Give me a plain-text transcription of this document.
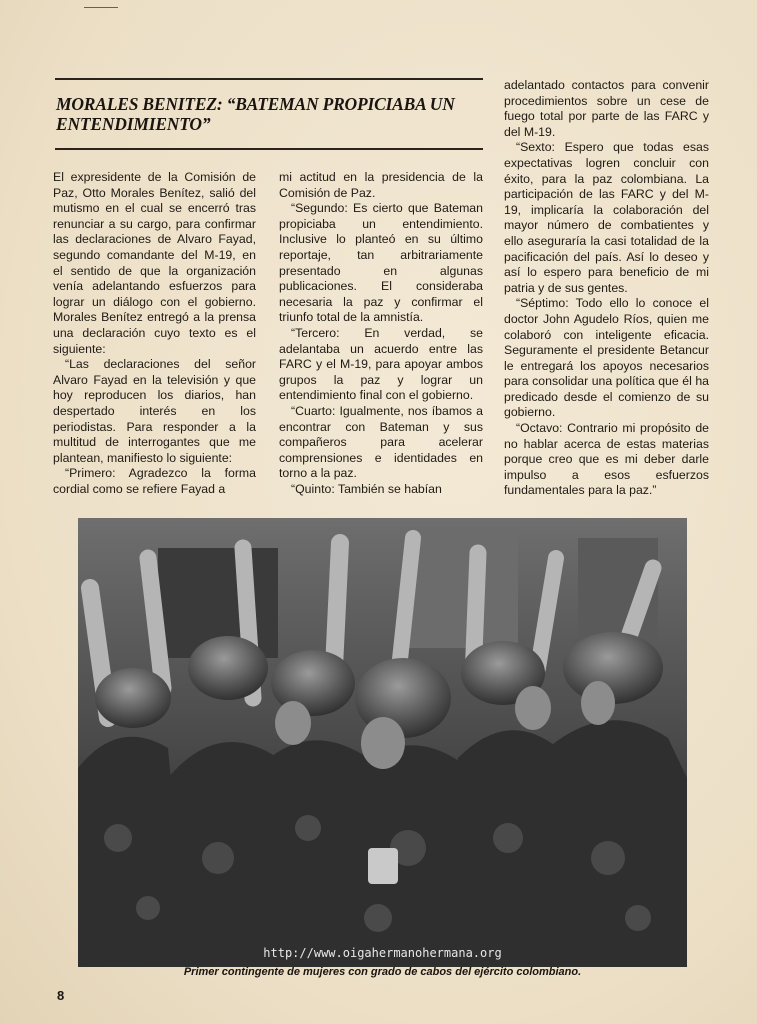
MORALES BENITEZ: “BATEMAN PROPICIABA UN ENTENDIMIENTO”

El expresidente de la Comisión de Paz, Otto Morales Benítez, salió del mutismo en el cual se encerró tras renunciar a su cargo, para confirmar las declaraciones de Alvaro Fayad, segundo comandante del M-19, en el sentido de que la organización venía adelantando esfuerzos para lograr un diálogo con el gobierno. Morales Benítez entregó a la prensa una declaración cuyo texto es el siguiente:

“Las declaraciones del señor Alvaro Fayad en la televisión y que hoy reproducen los diarios, han despertado interés en los periodistas. Para responder a la multitud de interrogantes que me plantean, manifiesto lo siguiente:

“Primero: Agradezco la forma cordial como se refiere Fayad a

mi actitud en la presidencia de la Comisión de Paz.

“Segundo: Es cierto que Bateman propiciaba un entendimiento. Inclusive lo planteó en su último reportaje, tan arbitrariamente presentado en algunas publicaciones. El consideraba necesaria la paz y confirmar el triunfo total de la amnistía.

“Tercero: En verdad, se adelantaba un acuerdo entre las FARC y el M-19, para apoyar ambos grupos la paz y lograr un entendimiento final con el gobierno.

“Cuarto: Igualmente, nos íbamos a encontrar con Bateman y sus compañeros para acelerar comprensiones e identidades en torno a la paz.

“Quinto: También se habían

adelantado contactos para convenir procedimientos sobre un cese de fuego total por parte de las FARC y del M-19.

“Sexto: Espero que todas esas expectativas logren concluir con éxito, para la paz colombiana. La participación de las FARC y del M-19, implicaría la colaboración del mayor número de combatientes y ello aseguraría la casi totalidad de la pacificación del país. Así lo deseo y así lo espero para beneficio de mi patria y de sus gentes.

“Séptimo: Todo ello lo conoce el doctor John Agudelo Ríos, quien me colaboró con inteligente eficacia. Seguramente el presidente Betancur le entregará los apoyos necesarios para consolidar una política que él ha predicado desde el comienzo de su gobierno.

“Octavo: Contrario mi propósito de no hablar acerca de estas materias porque creo que es mi deber darle impulso a esos esfuerzos fundamentales para la paz.”

http://www.oigahermanohermana.org

Primer contingente de mujeres con grado de cabos del ejército colombiano.

8
